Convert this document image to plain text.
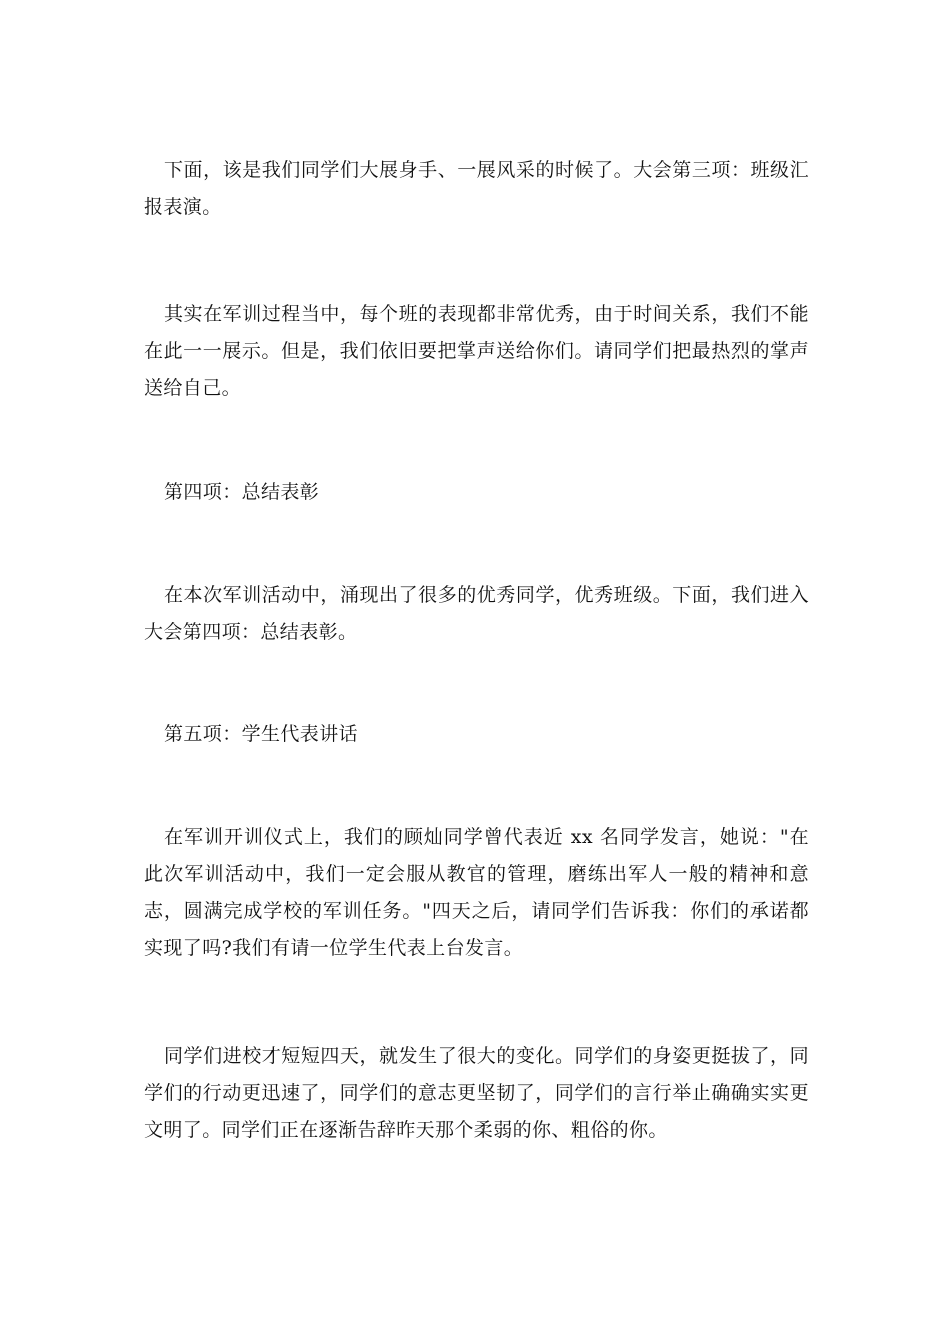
下面，该是我们同学们大展身手、一展风采的时候了。大会第三项：班级汇报表演。

其实在军训过程当中，每个班的表现都非常优秀，由于时间关系，我们不能在此一一展示。但是，我们依旧要把掌声送给你们。请同学们把最热烈的掌声送给自己。

第四项：总结表彰

在本次军训活动中，涌现出了很多的优秀同学，优秀班级。下面，我们进入大会第四项：总结表彰。

第五项：学生代表讲话

在军训开训仪式上，我们的顾灿同学曾代表近 xx 名同学发言，她说："在此次军训活动中，我们一定会服从教官的管理，磨练出军人一般的精神和意志，圆满完成学校的军训任务。"四天之后，请同学们告诉我：你们的承诺都实现了吗?我们有请一位学生代表上台发言。

同学们进校才短短四天，就发生了很大的变化。同学们的身姿更挺拔了，同学们的行动更迅速了，同学们的意志更坚韧了，同学们的言行举止确确实实更文明了。同学们正在逐渐告辞昨天那个柔弱的你、粗俗的你。
